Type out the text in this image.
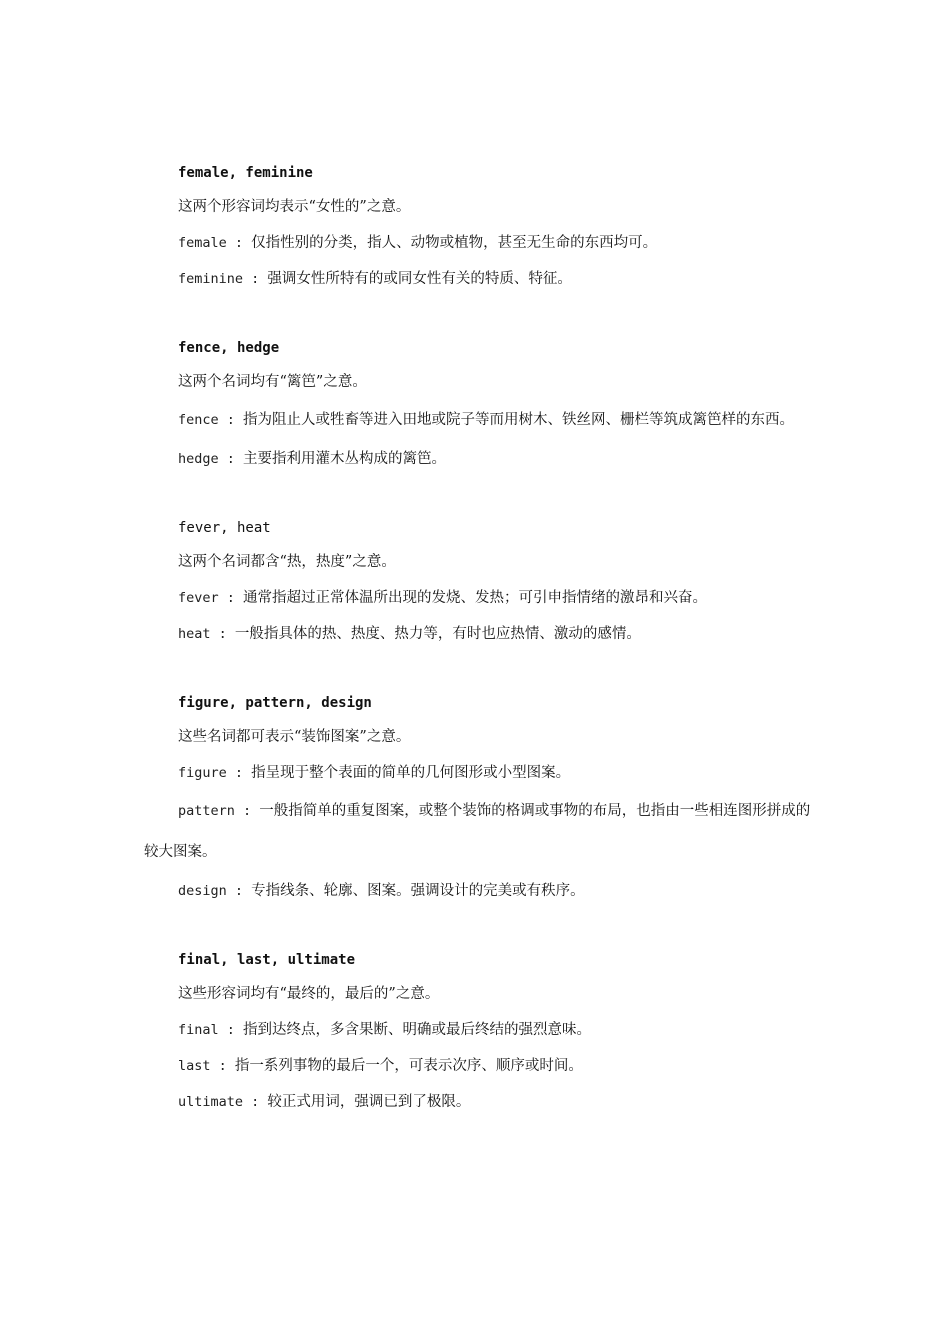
female, feminine

这两个形容词均表示“女性的”之意。

female : 仅指性别的分类，指人、动物或植物，甚至无生命的东西均可。

feminine : 强调女性所特有的或同女性有关的特质、特征。

fence, hedge

这两个名词均有“篱笆”之意。

fence : 指为阻止人或牲畜等进入田地或院子等而用树木、铁丝网、栅栏等筑成篱笆样的东西。

hedge : 主要指利用灌木丛构成的篱笆。

fever, heat

这两个名词都含“热，热度”之意。

fever : 通常指超过正常体温所出现的发烧、发热；可引申指情绪的激昂和兴奋。

heat : 一般指具体的热、热度、热力等，有时也应热情、激动的感情。

figure, pattern, design

这些名词都可表示“装饰图案”之意。

figure : 指呈现于整个表面的简单的几何图形或小型图案。

pattern : 一般指简单的重复图案，或整个装饰的格调或事物的布局，也指由一些相连图形拼成的较大图案。

design : 专指线条、轮廓、图案。强调设计的完美或有秩序。

final, last, ultimate

这些形容词均有“最终的，最后的”之意。

final : 指到达终点，多含果断、明确或最后终结的强烈意味。

last : 指一系列事物的最后一个，可表示次序、顺序或时间。

ultimate : 较正式用词，强调已到了极限。
